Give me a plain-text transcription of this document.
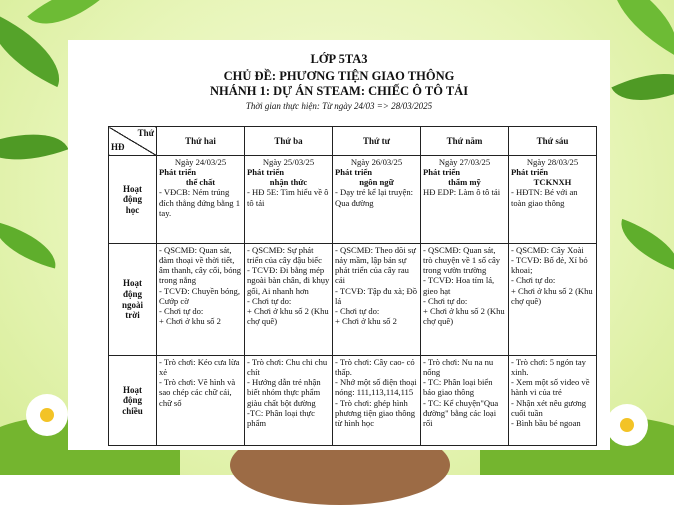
LỚP 5TA3
CHỦ ĐỀ: PHƯƠNG TIỆN GIAO THÔNG
NHÁNH 1: DỰ ÁN STEAM: CHIẾC Ô TÔ TẢI
Thời gian thực hiện: Từ ngày 24/03 => 28/03/2025
Thứ
HĐ	Thứ hai	Thứ ba	Thứ tư	Thứ năm	Thứ sáu

Hoạt
động
học	Ngày 24/03/25
Phát triển
thể chất
- VĐCB: Ném trúng đích thẳng đứng bằng 1 tay.	Ngày 25/03/25
Phát triển
nhận thức
- HĐ 5E: Tìm hiểu về ô tô tải	Ngày 26/03/25
Phát triển
ngôn ngữ
- Dạy trẻ kể lại truyện: Qua đường	Ngày 27/03/25
Phát triển
thẩm mỹ
HĐ EDP: Làm ô tô tải	Ngày 28/03/25
Phát triển
TCKNXH
- HĐTN: Bé với an toàn giao thông

Hoạt
động
ngoài
trời	- QSCMĐ: Quan sát, đàm thoại về thời tiết, âm thanh, cây cối, bóng trong nắng
- TCVĐ: Chuyền bóng, Cướp cờ
- Chơi tự do:
+ Chơi ở khu số 2	- QSCMĐ: Sự phát triển của cây đậu biếc
- TCVĐ: Đi bằng mép ngoài bàn chân, đi khụy gối, Ai nhanh hơn
- Chơi tự do:
+ Chơi ở khu số 2 (Khu chợ quê)	- QSCMĐ: Theo dõi sự nảy mầm, lập bản sự phát triển của cây rau cải
- TCVĐ: Tập đu xà; Đồ lá
- Chơi tự do:
+ Chơi ở khu số 2	- QSCMĐ: Quan sát, trò chuyện về 1 số cây trong vườn trường
- TCVĐ: Hoa tím lá, gieo hạt
- Chơi tự do:
+ Chơi ở khu số 2 (Khu chợ quê)	- QSCMĐ: Cây Xoài
- TCVĐ: Bố đẻ, Xỉ bỏ khoai;
- Chơi tự do:
+ Chơi ở khu số 2 (Khu chợ quê)

Hoạt
động
chiều	- Trò chơi: Kéo cưa lừa xẻ
- Trò chơi: Vẽ hình và sao chép các chữ cái, chữ số	- Trò chơi: Chu chi chu chít
- Hướng dẫn trẻ nhận biết nhóm thực phẩm giàu chất bột đường
-TC: Phân loại thực phẩm	- Trò chơi: Cây cao- cỏ thấp.
- Nhớ một số điện thoại nóng: 111,113,114,115
- Trò chơi: ghép hình phương tiện giao thông từ hình học	- Trò chơi: Nu na nu nống
- TC: Phân loại biển báo giao thông
- TC: Kể chuyện"Qua đường" bằng các loại rối	- Trò chơi: 5 ngón tay xinh.
- Xem một số video về hành vi của trẻ
- Nhận xét nêu gương cuối tuần
- Bình bầu bé ngoan
